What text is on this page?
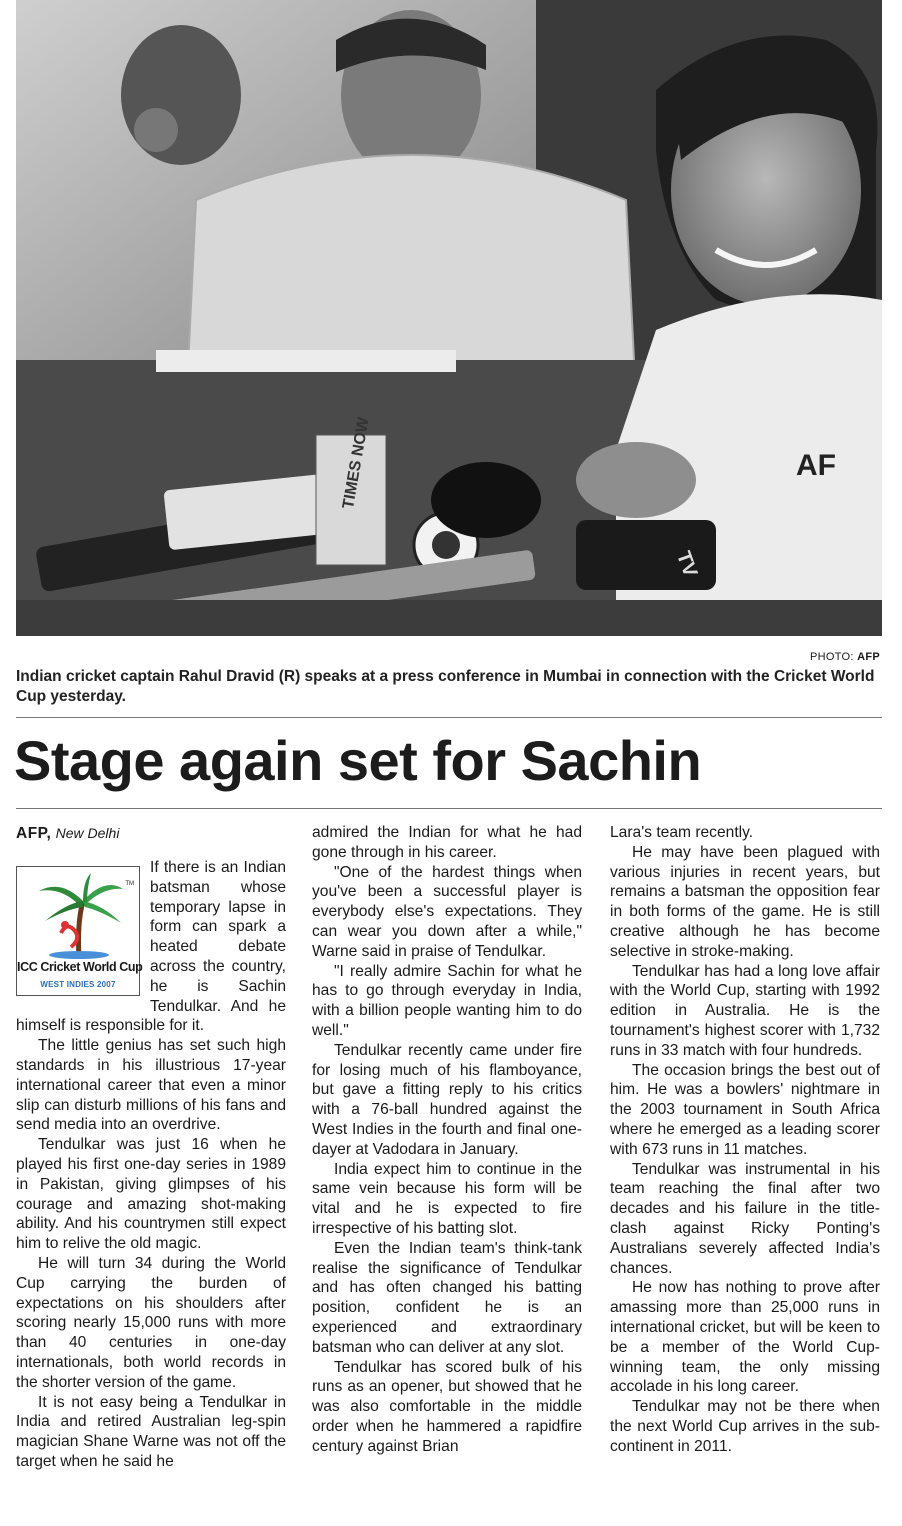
AF
TIMES NOW
TV
PHOTO: AFP
Indian cricket captain Rahul Dravid (R) speaks at a press conference in Mumbai in connection with the Cricket World Cup yesterday.
Stage again set for Sachin
AFP, New Delhi
TM
ICC Cricket World Cup
WEST INDIES 2007

If there is an Indian batsman whose temporary lapse in form can spark a heated debate across the country, he is Sachin Tendulkar. And he himself is responsible for it.

The little genius has set such high standards in his illustrious 17-year international career that even a minor slip can disturb millions of his fans and send media into an overdrive.

Tendulkar was just 16 when he played his first one-day series in 1989 in Pakistan, giving glimpses of his courage and amazing shot-making ability. And his countrymen still expect him to relive the old magic.

He will turn 34 during the World Cup carrying the burden of expectations on his shoulders after scoring nearly 15,000 runs with more than 40 centuries in one-day internationals, both world records in the shorter version of the game.

It is not easy being a Tendulkar in India and retired Australian leg-spin magician Shane Warne was not off the target when he said he

admired the Indian for what he had gone through in his career.

"One of the hardest things when you've been a successful player is everybody else's expectations. They can wear you down after a while," Warne said in praise of Tendulkar.

"I really admire Sachin for what he has to go through everyday in India, with a billion people wanting him to do well."

Tendulkar recently came under fire for losing much of his flamboyance, but gave a fitting reply to his critics with a 76-ball hundred against the West Indies in the fourth and final one-dayer at Vadodara in January.

India expect him to continue in the same vein because his form will be vital and he is expected to fire irrespective of his batting slot.

Even the Indian team's think-tank realise the significance of Tendulkar and has often changed his batting position, confident he is an experienced and extraordinary batsman who can deliver at any slot.

Tendulkar has scored bulk of his runs as an opener, but showed that he was also comfortable in the middle order when he hammered a rapidfire century against Brian

Lara's team recently.

He may have been plagued with various injuries in recent years, but remains a batsman the opposition fear in both forms of the game. He is still creative although he has become selective in stroke-making.

Tendulkar has had a long love affair with the World Cup, starting with 1992 edition in Australia. He is the tournament's highest scorer with 1,732 runs in 33 match with four hundreds.

The occasion brings the best out of him. He was a bowlers' nightmare in the 2003 tournament in South Africa where he emerged as a leading scorer with 673 runs in 11 matches.

Tendulkar was instrumental in his team reaching the final after two decades and his failure in the title-clash against Ricky Ponting's Australians severely affected India's chances.

He now has nothing to prove after amassing more than 25,000 runs in international cricket, but will be keen to be a member of the World Cup-winning team, the only missing accolade in his long career.

Tendulkar may not be there when the next World Cup arrives in the sub-continent in 2011.
